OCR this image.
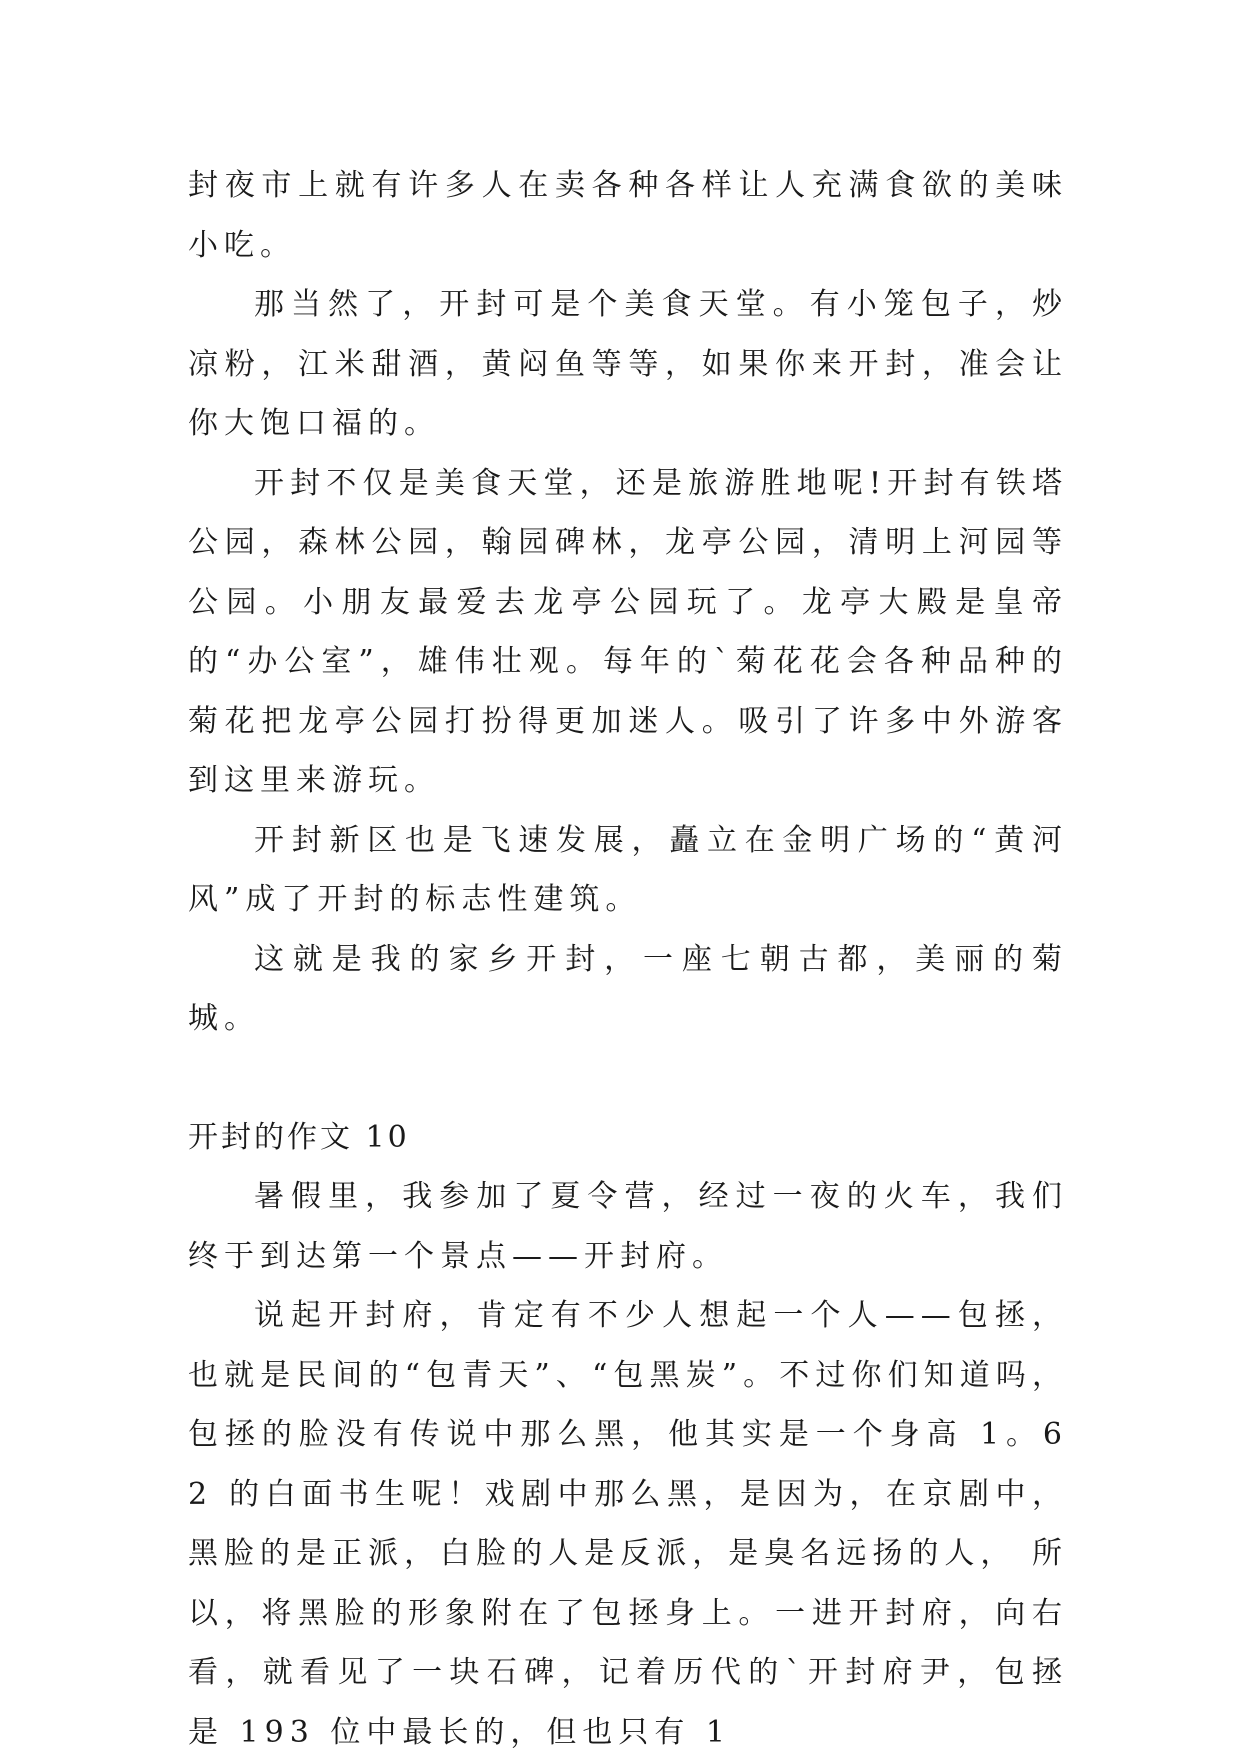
封夜市上就有许多人在卖各种各样让人充满食欲的美味小吃。

那当然了，开封可是个美食天堂。有小笼包子，炒凉粉，江米甜酒，黄闷鱼等等，如果你来开封，准会让你大饱口福的。

开封不仅是美食天堂，还是旅游胜地呢!开封有铁塔公园，森林公园，翰园碑林，龙亭公园，清明上河园等公园。小朋友最爱去龙亭公园玩了。龙亭大殿是皇帝的“办公室”，雄伟壮观。每年的`菊花花会各种品种的菊花把龙亭公园打扮得更加迷人。吸引了许多中外游客到这里来游玩。

开封新区也是飞速发展，矗立在金明广场的“黄河风”成了开封的标志性建筑。

这就是我的家乡开封，一座七朝古都，美丽的菊城。

开封的作文 10

暑假里，我参加了夏令营，经过一夜的火车，我们终于到达第一个景点——开封府。

说起开封府，肯定有不少人想起一个人——包拯，也就是民间的“包青天”、“包黑炭”。不过你们知道吗，包拯的脸没有传说中那么黑，他其实是一个身高 1。62 的白面书生呢！戏剧中那么黑，是因为，在京剧中，黑脸的是正派，白脸的人是反派，是臭名远扬的人， 所以，将黑脸的形象附在了包拯身上。一进开封府，向右看，就看见了一块石碑，记着历代的`开封府尹，包拯是 193 位中最长的，但也只有 1
